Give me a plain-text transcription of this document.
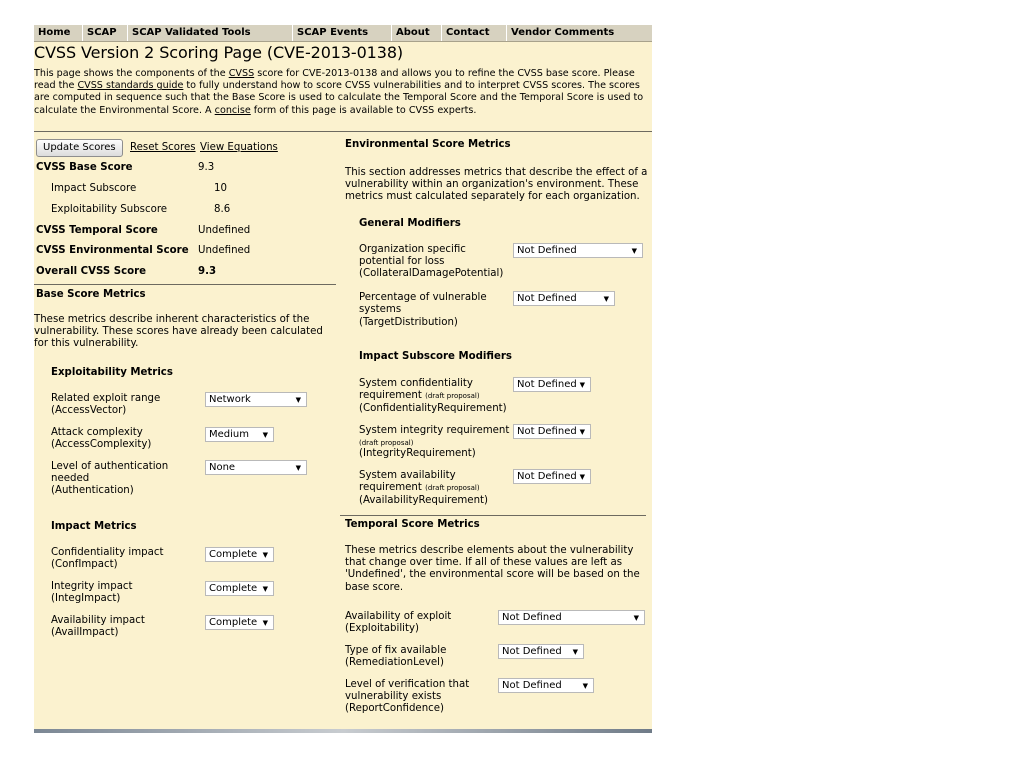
Home	SCAP	SCAP Validated Tools	SCAP Events	About	Contact	Vendor Comments
CVSS Version 2 Scoring Page (CVE-2013-0138)
This page shows the components of the CVSS score for CVE-2013-0138 and allows you to refine the CVSS base score. Please read the CVSS standards guide to fully understand how to score CVSS vulnerabilities and to interpret CVSS scores. The scores are computed in sequence such that the Base Score is used to calculate the Temporal Score and the Temporal Score is used to calculate the Environmental Score. A concise form of this page is available to CVSS experts.
Update Scores	Reset Scores View Equations
CVSS Base Score	9.3
Impact Subscore	10
Exploitability Subscore	8.6
CVSS Temporal Score	Undefined
CVSS Environmental Score Undefined
Overall CVSS Score	9.3
Base Score Metrics
These metrics describe inherent characteristics of the vulnerability. These scores have already been calculated for this vulnerability.
Exploitability Metrics
Related exploit range
(AccessVector)
Network	▼
Attack complexity
(AccessComplexity)
Medium ▼
Level of authentication
needed
(Authentication)
None	▼
Impact Metrics
Confidentiality impact
(ConfImpact)
Complete ▼
Integrity impact
(IntegImpact)
Complete ▼
Availability impact
(AvailImpact)
Complete ▼
Environmental Score Metrics
This section addresses metrics that describe the effect of a vulnerability within an organization's environment. These metrics must calculated separately for each organization.
General Modifiers
Organization specific
potential for loss
(CollateralDamagePotential)
Not Defined	▼
Percentage of vulnerable
systems
(TargetDistribution)
Not Defined	▼
Impact Subscore Modifiers
System confidentiality
requirement (draft proposal)
(ConfidentialityRequirement)
Not Defined ▼
System integrity requirement
(draft proposal)
(IntegrityRequirement)
Not Defined ▼
System availability
requirement (draft proposal)
(AvailabilityRequirement)
Not Defined ▼
Temporal Score Metrics
These metrics describe elements about the vulnerability that change over time. If all of these values are left as 'Undefined', the environmental score will be based on the base score.
Availability of exploit
(Exploitability)
Not Defined	▼
Type of fix available
(RemediationLevel)
Not Defined ▼
Level of verification that
vulnerability exists
(ReportConfidence)
Not Defined	▼
